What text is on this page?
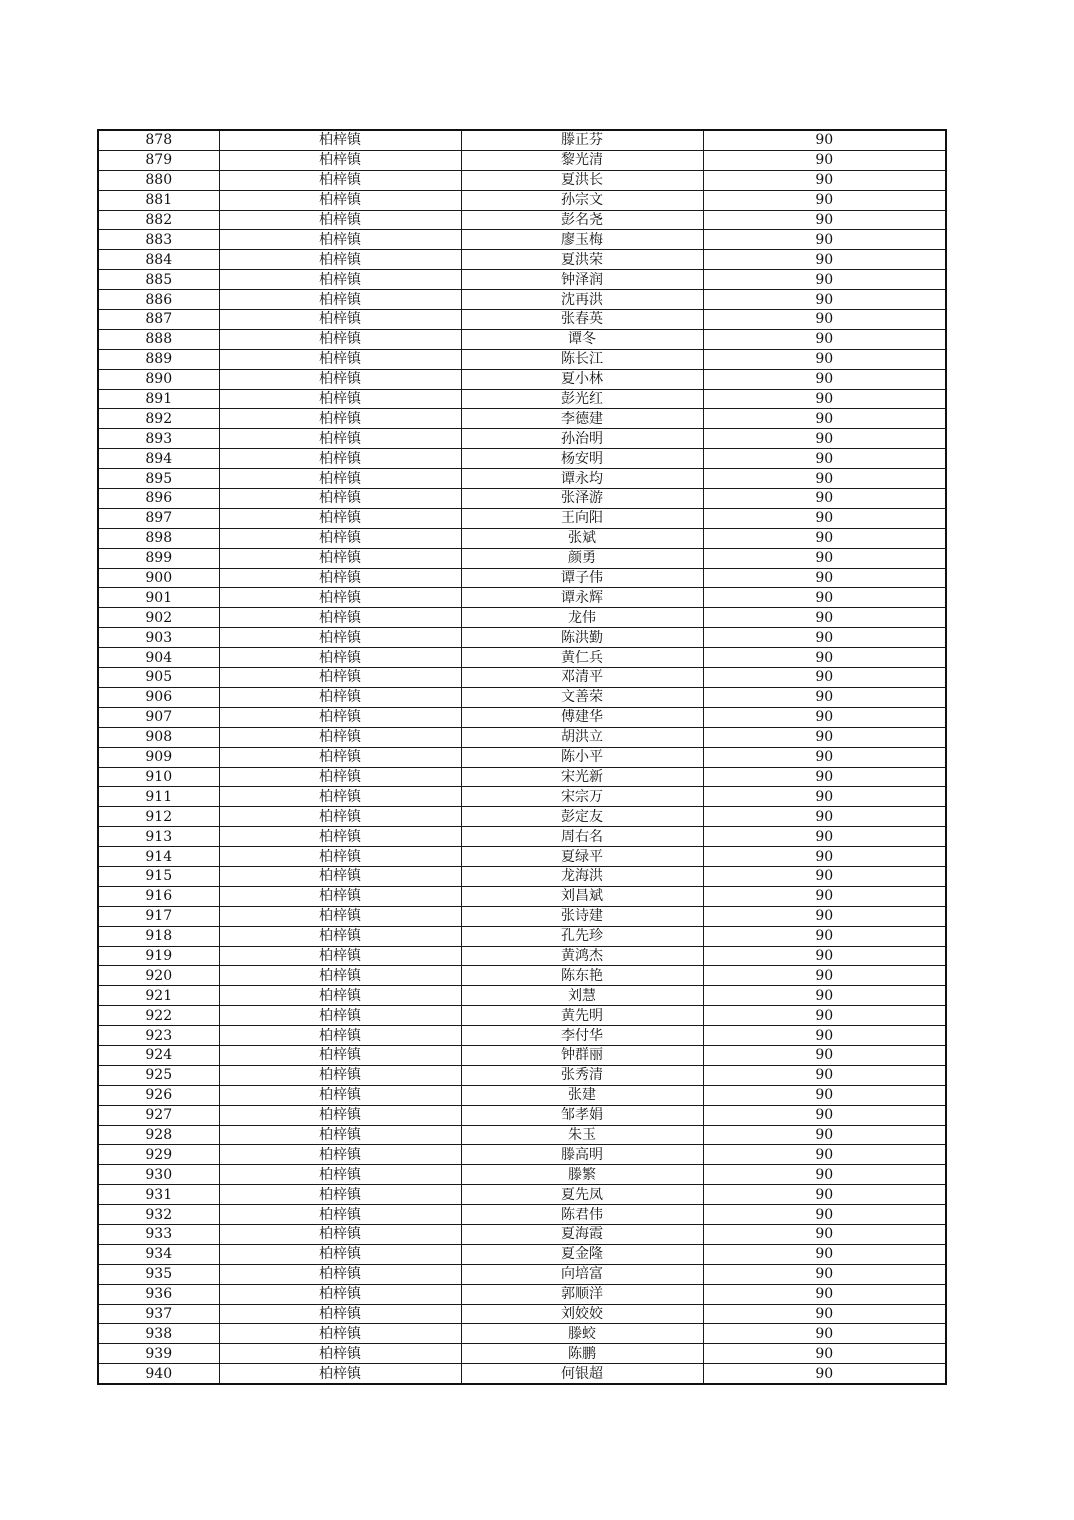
878	柏梓镇	滕正芬	90
879	柏梓镇	黎光清	90
880	柏梓镇	夏洪长	90
881	柏梓镇	孙宗文	90
882	柏梓镇	彭名尧	90
883	柏梓镇	廖玉梅	90
884	柏梓镇	夏洪荣	90
885	柏梓镇	钟泽润	90
886	柏梓镇	沈再洪	90
887	柏梓镇	张春英	90
888	柏梓镇	谭冬	90
889	柏梓镇	陈长江	90
890	柏梓镇	夏小林	90
891	柏梓镇	彭光红	90
892	柏梓镇	李德建	90
893	柏梓镇	孙治明	90
894	柏梓镇	杨安明	90
895	柏梓镇	谭永均	90
896	柏梓镇	张泽游	90
897	柏梓镇	王向阳	90
898	柏梓镇	张斌	90
899	柏梓镇	颜勇	90
900	柏梓镇	谭子伟	90
901	柏梓镇	谭永辉	90
902	柏梓镇	龙伟	90
903	柏梓镇	陈洪勤	90
904	柏梓镇	黄仁兵	90
905	柏梓镇	邓清平	90
906	柏梓镇	文善荣	90
907	柏梓镇	傅建华	90
908	柏梓镇	胡洪立	90
909	柏梓镇	陈小平	90
910	柏梓镇	宋光新	90
911	柏梓镇	宋宗万	90
912	柏梓镇	彭定友	90
913	柏梓镇	周右名	90
914	柏梓镇	夏绿平	90
915	柏梓镇	龙海洪	90
916	柏梓镇	刘昌斌	90
917	柏梓镇	张诗建	90
918	柏梓镇	孔先珍	90
919	柏梓镇	黄鸿杰	90
920	柏梓镇	陈东艳	90
921	柏梓镇	刘慧	90
922	柏梓镇	黄先明	90
923	柏梓镇	李付华	90
924	柏梓镇	钟群丽	90
925	柏梓镇	张秀清	90
926	柏梓镇	张建	90
927	柏梓镇	邹孝娟	90
928	柏梓镇	朱玉	90
929	柏梓镇	滕高明	90
930	柏梓镇	滕繁	90
931	柏梓镇	夏先凤	90
932	柏梓镇	陈君伟	90
933	柏梓镇	夏海霞	90
934	柏梓镇	夏金隆	90
935	柏梓镇	向培富	90
936	柏梓镇	郭顺洋	90
937	柏梓镇	刘姣姣	90
938	柏梓镇	滕蛟	90
939	柏梓镇	陈鹏	90
940	柏梓镇	何银超	90
